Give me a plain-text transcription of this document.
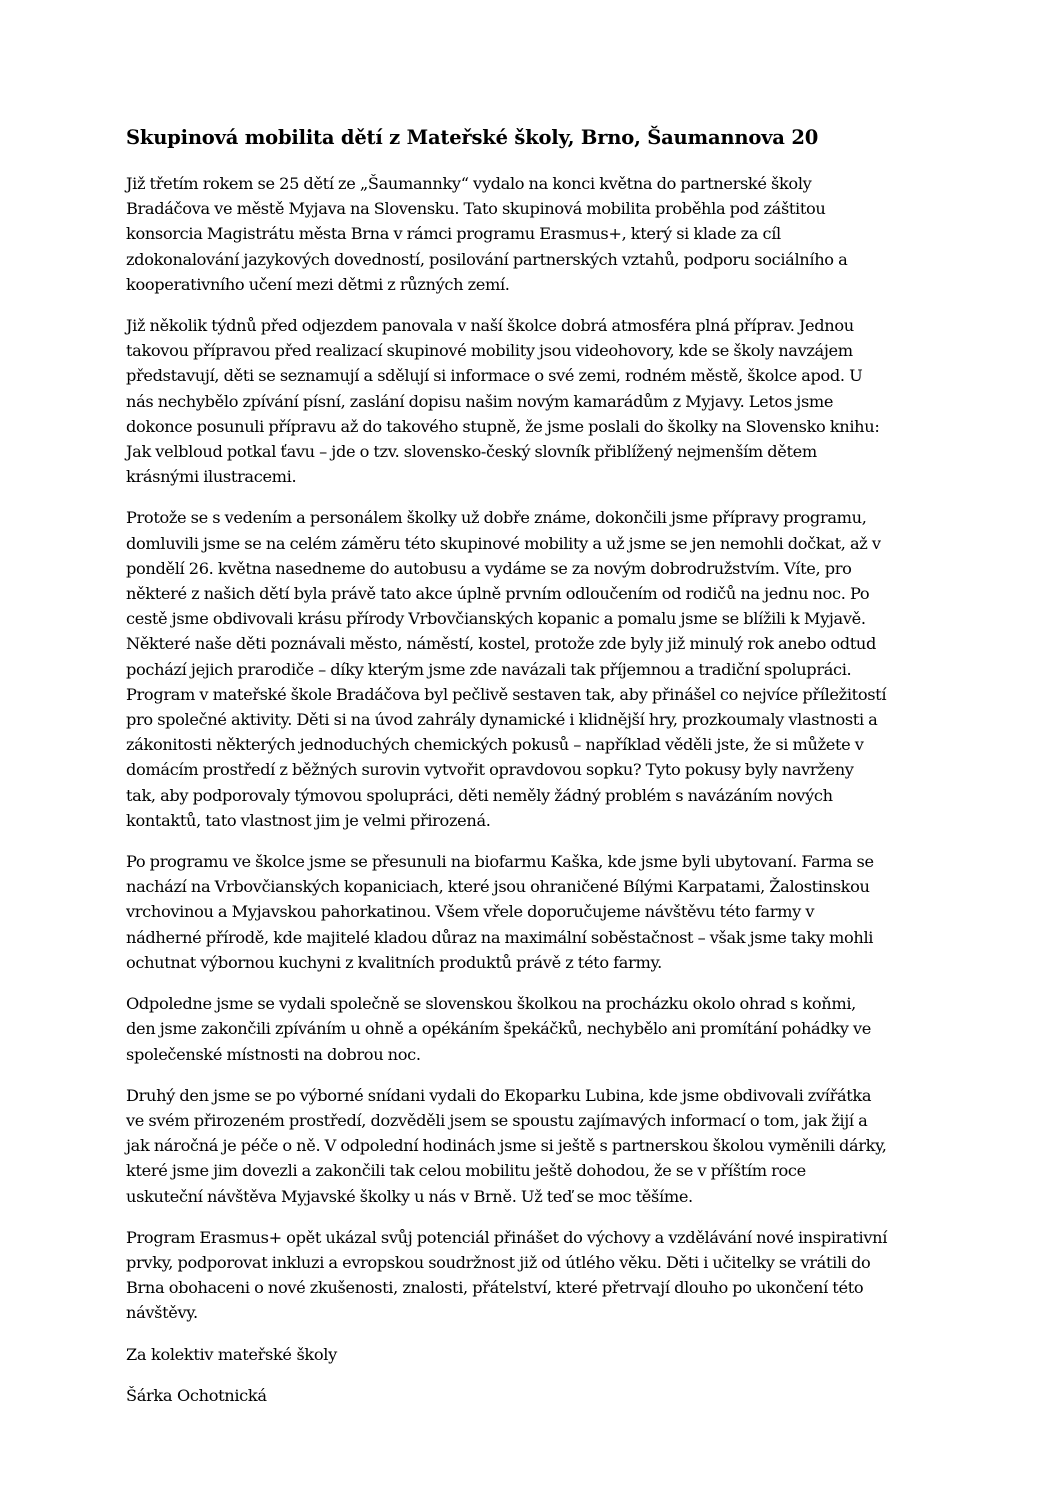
Skupinová mobilita dětí z Mateřské školy, Brno, Šaumannova 20

Již třetím rokem se 25 dětí ze „Šaumannky“ vydalo na konci května do partnerské školy
Bradáčova ve městě Myjava na Slovensku. Tato skupinová mobilita proběhla pod záštitou
konsorcia Magistrátu města Brna v rámci programu Erasmus+, který si klade za cíl
zdokonalování jazykových dovedností, posilování partnerských vztahů, podporu sociálního a
kooperativního učení mezi dětmi z různých zemí.

Již několik týdnů před odjezdem panovala v naší školce dobrá atmosféra plná příprav. Jednou
takovou přípravou před realizací skupinové mobility jsou videohovory, kde se školy navzájem
představují, děti se seznamují a sdělují si informace o své zemi, rodném městě, školce apod. U
nás nechybělo zpívání písní, zaslání dopisu našim novým kamarádům z Myjavy. Letos jsme
dokonce posunuli přípravu až do takového stupně, že jsme poslali do školky na Slovensko knihu:
Jak velbloud potkal ťavu – jde o tzv. slovensko-český slovník přiblížený nejmenším dětem
krásnými ilustracemi.

Protože se s vedením a personálem školky už dobře známe, dokončili jsme přípravy programu,
domluvili jsme se na celém záměru této skupinové mobility a už jsme se jen nemohli dočkat, až v
pondělí 26. května nasedneme do autobusu a vydáme se za novým dobrodružstvím. Víte, pro
některé z našich dětí byla právě tato akce úplně prvním odloučením od rodičů na jednu noc. Po
cestě jsme obdivovali krásu přírody Vrbovčianských kopanic a pomalu jsme se blížili k Myjavě.
Některé naše děti poznávali město, náměstí, kostel, protože zde byly již minulý rok anebo odtud
pochází jejich prarodiče – díky kterým jsme zde navázali tak příjemnou a tradiční spolupráci.
Program v mateřské škole Bradáčova byl pečlivě sestaven tak, aby přinášel co nejvíce příležitostí
pro společné aktivity. Děti si na úvod zahrály dynamické i klidnější hry, prozkoumaly vlastnosti a
zákonitosti některých jednoduchých chemických pokusů – například věděli jste, že si můžete v
domácím prostředí z běžných surovin vytvořit opravdovou sopku? Tyto pokusy byly navrženy
tak, aby podporovaly týmovou spolupráci, děti neměly žádný problém s navázáním nových
kontaktů, tato vlastnost jim je velmi přirozená.

Po programu ve školce jsme se přesunuli na biofarmu Kaška, kde jsme byli ubytovaní. Farma se
nachází na Vrbovčianských kopaniciach, které jsou ohraničené Bílými Karpatami, Žalostinskou
vrchovinou a Myjavskou pahorkatinou. Všem vřele doporučujeme návštěvu této farmy v
nádherné přírodě, kde majitelé kladou důraz na maximální soběstačnost – však jsme taky mohli
ochutnat výbornou kuchyni z kvalitních produktů právě z této farmy.

Odpoledne jsme se vydali společně se slovenskou školkou na procházku okolo ohrad s koňmi,
den jsme zakončili zpíváním u ohně a opékáním špekáčků, nechybělo ani promítání pohádky ve
společenské místnosti na dobrou noc.

Druhý den jsme se po výborné snídani vydali do Ekoparku Lubina, kde jsme obdivovali zvířátka
ve svém přirozeném prostředí, dozvěděli jsem se spoustu zajímavých informací o tom, jak žijí a
jak náročná je péče o ně. V odpolední hodinách jsme si ještě s partnerskou školou vyměnili dárky,
které jsme jim dovezli a zakončili tak celou mobilitu ještě dohodou, že se v příštím roce
uskuteční návštěva Myjavské školky u nás v Brně. Už teď se moc těšíme.

Program Erasmus+ opět ukázal svůj potenciál přinášet do výchovy a vzdělávání nové inspirativní
prvky, podporovat inkluzi a evropskou soudržnost již od útlého věku. Děti i učitelky se vrátili do
Brna obohaceni o nové zkušenosti, znalosti, přátelství, které přetrvají dlouho po ukončení této
návštěvy.

Za kolektiv mateřské školy

Šárka Ochotnická
